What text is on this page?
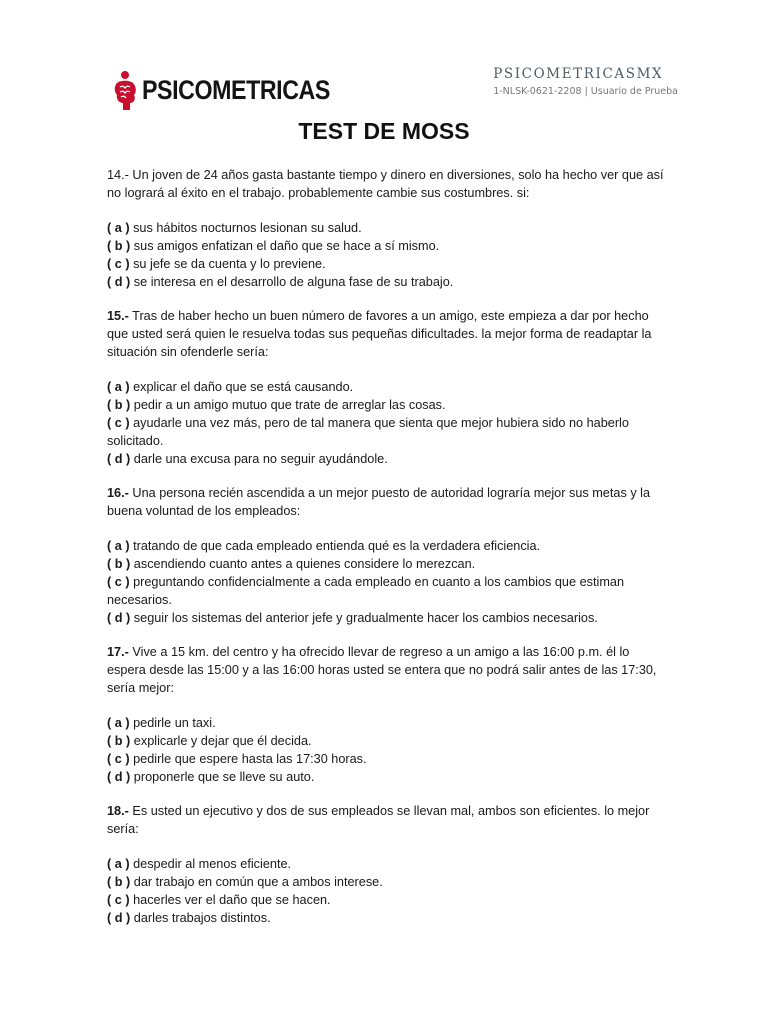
PSICOMETRICAS
PSICOMETRICASMX
1-NLSK-0621-2208 | Usuario de Prueba
TEST DE MOSS

14.- Un joven de 24 años gasta bastante tiempo y dinero en diversiones, solo ha hecho ver que así no logrará al éxito en el trabajo. probablemente cambie sus costumbres. si:

( a ) sus hábitos nocturnos lesionan su salud.

( b ) sus amigos enfatizan el daño que se hace a sí mismo.

( c ) su jefe se da cuenta y lo previene.

( d ) se interesa en el desarrollo de alguna fase de su trabajo.

15.- Tras de haber hecho un buen número de favores a un amigo, este empieza a dar por hecho que usted será quien le resuelva todas sus pequeñas dificultades. la mejor forma de readaptar la situación sin ofenderle sería:

( a ) explicar el daño que se está causando.

( b ) pedir a un amigo mutuo que trate de arreglar las cosas.

( c ) ayudarle una vez más, pero de tal manera que sienta que mejor hubiera sido no haberlo solicitado.

( d ) darle una excusa para no seguir ayudándole.

16.- Una persona recién ascendida a un mejor puesto de autoridad lograría mejor sus metas y la buena voluntad de los empleados:

( a ) tratando de que cada empleado entienda qué es la verdadera eficiencia.

( b ) ascendiendo cuanto antes a quienes considere lo merezcan.

( c ) preguntando confidencialmente a cada empleado en cuanto a los cambios que estiman necesarios.

( d ) seguir los sistemas del anterior jefe y gradualmente hacer los cambios necesarios.

17.- Vive a 15 km. del centro y ha ofrecido llevar de regreso a un amigo a las 16:00 p.m. él lo espera desde las 15:00 y a las 16:00 horas usted se entera que no podrá salir antes de las 17:30, sería mejor:

( a ) pedirle un taxi.

( b ) explicarle y dejar que él decida.

( c ) pedirle que espere hasta las 17:30 horas.

( d ) proponerle que se lleve su auto.

18.- Es usted un ejecutivo y dos de sus empleados se llevan mal, ambos son eficientes. lo mejor sería:

( a ) despedir al menos eficiente.

( b ) dar trabajo en común que a ambos interese.

( c ) hacerles ver el daño que se hacen.

( d ) darles trabajos distintos.
